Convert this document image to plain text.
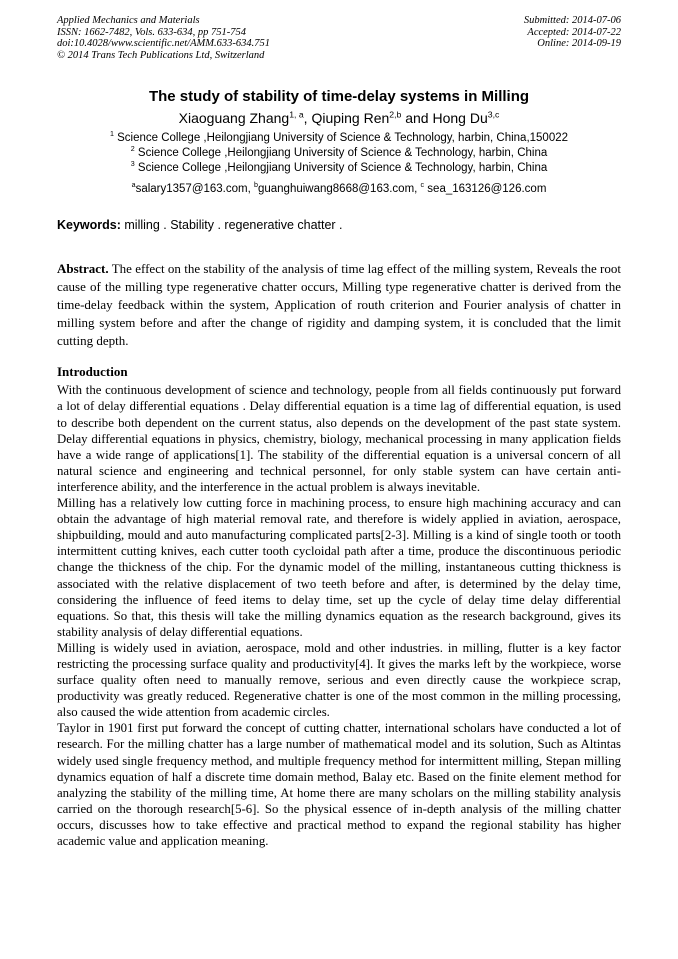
Applied Mechanics and Materials
ISSN: 1662-7482, Vols. 633-634, pp 751-754
doi:10.4028/www.scientific.net/AMM.633-634.751
© 2014 Trans Tech Publications Ltd, Switzerland
Submitted: 2014-07-06
Accepted: 2014-07-22
Online: 2014-09-19
The study of stability of time-delay systems in Milling
Xiaoguang Zhang$^{1, a}$, Qiuping Ren$^{2,b}$ and Hong Du$^{3,c}$
$^1$ Science College ,Heilongjiang University of Science & Technology, harbin, China,150022
$^2$ Science College ,Heilongjiang University of Science & Technology, harbin, China
$^3$ Science College ,Heilongjiang University of Science & Technology, harbin, China
$^a$salary1357@163.com, $^b$guanghuiwang8668@163.com, $^c$ sea_163126@126.com
Keywords: milling . Stability . regenerative chatter .

Abstract. The effect on the stability of the analysis of time lag effect of the milling system, Reveals the root cause of the milling type regenerative chatter occurs, Milling type regenerative chatter is derived from the time-delay feedback within the system, Application of routh criterion and Fourier analysis of chatter in milling system before and after the change of rigidity and damping system, it is concluded that the limit cutting depth.

Introduction

With the continuous development of science and technology, people from all fields continuously put forward a lot of delay differential equations . Delay differential equation is a time lag of differential equation, is used to describe both dependent on the current status, also depends on the development of the past state system. Delay differential equations in physics, chemistry, biology, mechanical processing in many application fields have a wide range of applications[1]. The stability of the differential equation is a universal concern of all natural science and engineering and technical personnel, for only stable system can have certain anti-interference ability, and the interference in the actual problem is always inevitable.

Milling has a relatively low cutting force in machining process, to ensure high machining accuracy and can obtain the advantage of high material removal rate, and therefore is widely applied in aviation, aerospace, shipbuilding, mould and auto manufacturing complicated parts[2-3]. Milling is a kind of single tooth or tooth intermittent cutting knives, each cutter tooth cycloidal path after a time, produce the discontinuous periodic change the thickness of the chip. For the dynamic model of the milling, instantaneous cutting thickness is associated with the relative displacement of two teeth before and after, is determined by the delay time, considering the influence of feed items to delay time, set up the cycle of delay time delay differential equations. So that, this thesis will take the milling dynamics equation as the research background, gives its stability analysis of delay differential equations.

Milling is widely used in aviation, aerospace, mold and other industries. in milling, flutter is a key factor restricting the processing surface quality and productivity[4]. It gives the marks left by the workpiece, worse surface quality often need to manually remove, serious and even directly cause the workpiece scrap, productivity was greatly reduced. Regenerative chatter is one of the most common in the milling processing, also caused the wide attention from academic circles.

Taylor in 1901 first put forward the concept of cutting chatter, international scholars have conducted a lot of research. For the milling chatter has a large number of mathematical model and its solution, Such as Altintas widely used single frequency method, and multiple frequency method for intermittent milling, Stepan milling dynamics equation of half a discrete time domain method, Balay etc. Based on the finite element method for analyzing the stability of the milling time, At home there are many scholars on the milling stability analysis carried on the thorough research[5-6]. So the physical essence of in-depth analysis of the milling chatter occurs, discusses how to take effective and practical method to expand the regional stability has higher academic value and application meaning.
